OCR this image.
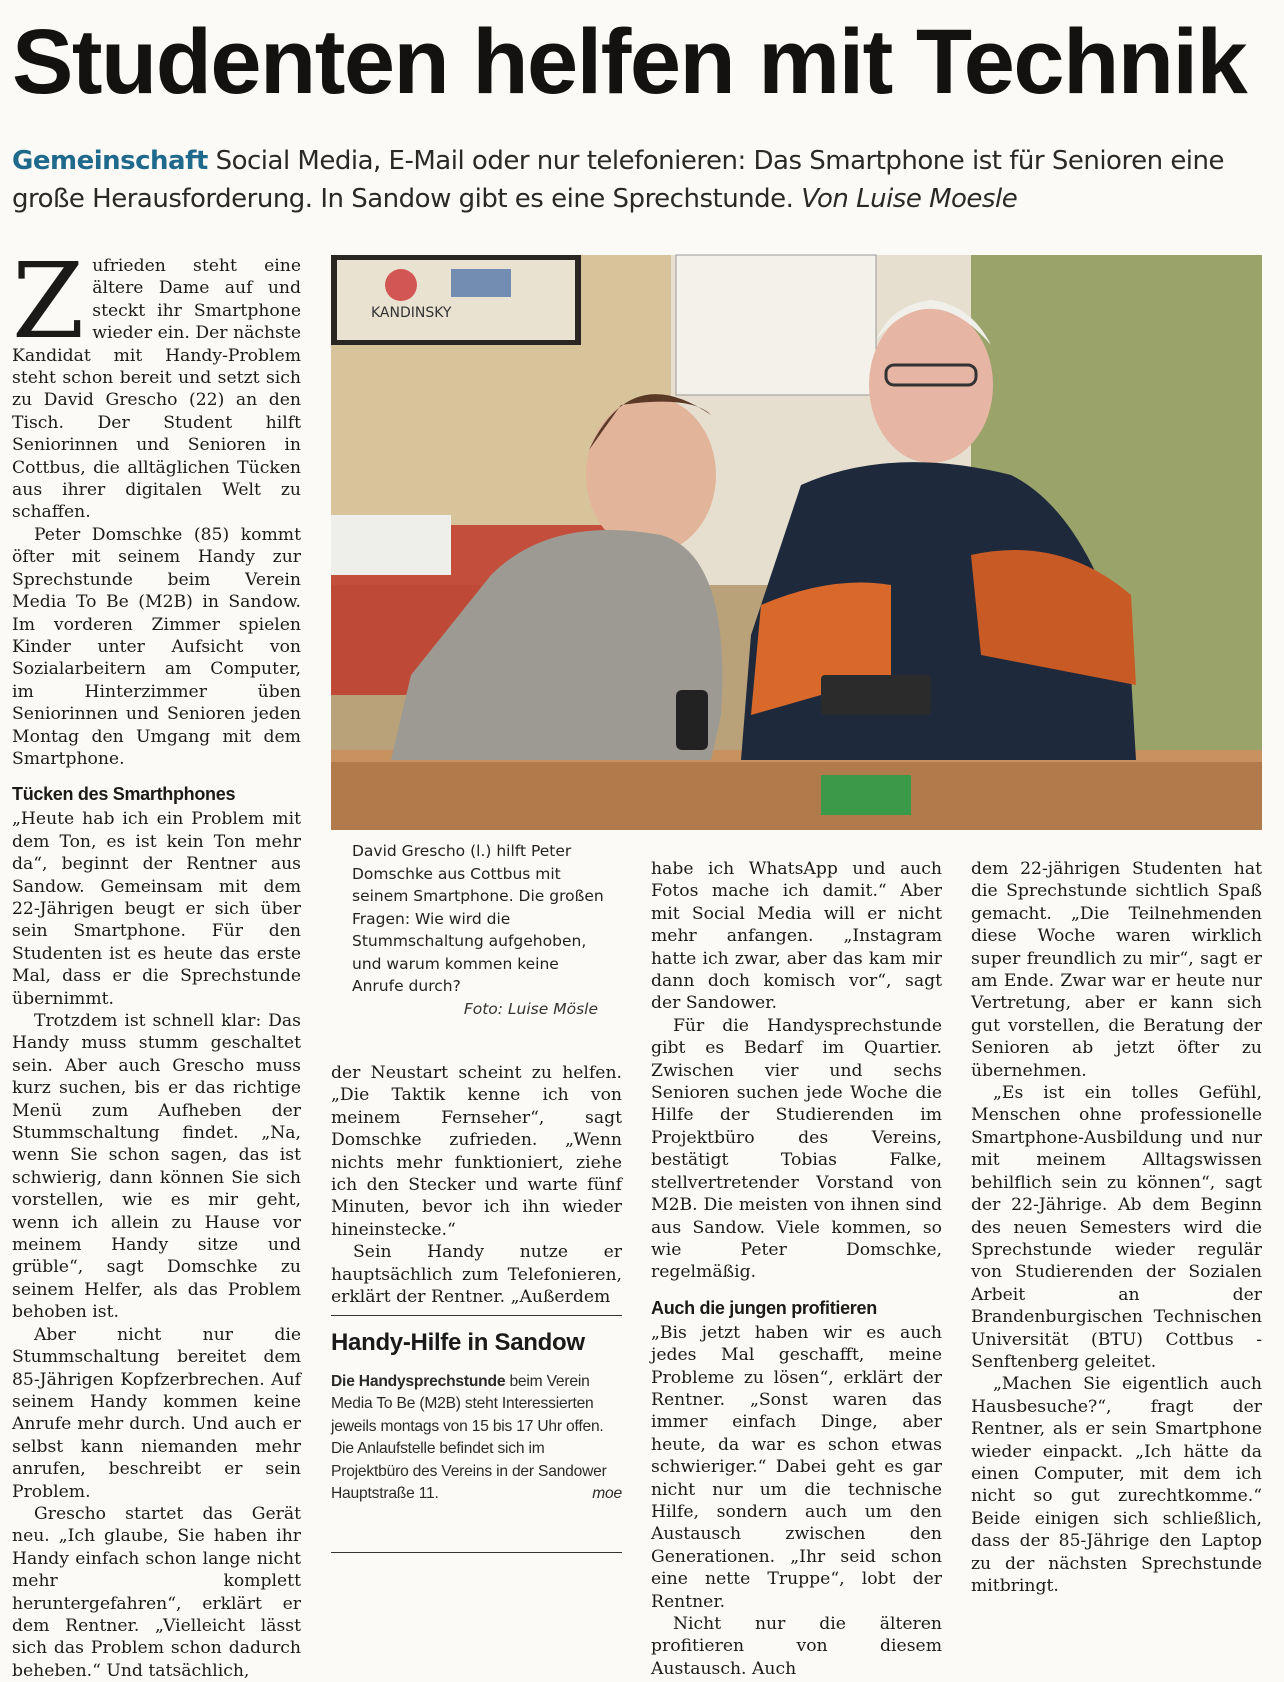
Studenten helfen mit Technik
Gemeinschaft Social Media, E-Mail oder nur telefonieren: Das Smartphone ist für Senioren eine große Herausforderung. In Sandow gibt es eine Sprechstunde. Von Luise Moesle
Z ufrieden steht eine ältere Dame auf und steckt ihr Smartphone wieder ein. Der nächste Kandidat mit Handy-Problem steht schon bereit und setzt sich zu David Grescho (22) an den Tisch. Der Student hilft Seniorinnen und Senioren in Cottbus, die alltäglichen Tücken aus ihrer digitalen Welt zu schaffen.

Peter Domschke (85) kommt öfter mit seinem Handy zur Sprechstunde beim Verein Media To Be (M2B) in Sandow. Im vorderen Zimmer spielen Kinder unter Aufsicht von Sozialarbeitern am Computer, im Hinterzimmer üben Seniorinnen und Senioren jeden Montag den Umgang mit dem Smartphone.

Tücken des Smarthphones

„Heute hab ich ein Problem mit dem Ton, es ist kein Ton mehr da“, beginnt der Rentner aus Sandow. Gemeinsam mit dem 22-Jährigen beugt er sich über sein Smartphone. Für den Studenten ist es heute das erste Mal, dass er die Sprechstunde übernimmt.

Trotzdem ist schnell klar: Das Handy muss stumm geschaltet sein. Aber auch Grescho muss kurz suchen, bis er das richtige Menü zum Aufheben der Stummschaltung findet. „Na, wenn Sie schon sagen, das ist schwierig, dann können Sie sich vorstellen, wie es mir geht, wenn ich allein zu Hause vor meinem Handy sitze und grüble“, sagt Domschke zu seinem Helfer, als das Problem behoben ist.

Aber nicht nur die Stummschaltung bereitet dem 85-Jährigen Kopfzerbrechen. Auf seinem Handy kommen keine Anrufe mehr durch. Und auch er selbst kann niemanden mehr anrufen, beschreibt er sein Problem.

Grescho startet das Gerät neu. „Ich glaube, Sie haben ihr Handy einfach schon lange nicht mehr komplett heruntergefahren“, erklärt er dem Rentner. „Vielleicht lässt sich das Problem schon dadurch beheben.“ Und tatsächlich,

KANDINSKY
David Grescho (l.) hilft Peter Domschke aus Cottbus mit seinem Smartphone. Die großen Fragen: Wie wird die Stummschaltung aufgehoben, und warum kommen keine Anrufe durch?
Foto: Luise Mösle

der Neustart scheint zu helfen. „Die Taktik kenne ich von meinem Fernseher“, sagt Domschke zufrieden. „Wenn nichts mehr funktioniert, ziehe ich den Stecker und warte fünf Minuten, bevor ich ihn wieder hineinstecke.“

Sein Handy nutze er hauptsächlich zum Telefonieren, erklärt der Rentner. „Außerdem

Handy-Hilfe in Sandow
Die Handysprechstunde beim Verein Media To Be (M2B) steht Interessierten jeweils montags von 15 bis 17 Uhr offen. Die Anlaufstelle befindet sich im Projektbüro des Vereins in der Sandower Hauptstraße 11.	moe

habe ich WhatsApp und auch Fotos mache ich damit.“ Aber mit Social Media will er nicht mehr anfangen. „Instagram hatte ich zwar, aber das kam mir dann doch komisch vor“, sagt der Sandower.

Für die Handysprechstunde gibt es Bedarf im Quartier. Zwischen vier und sechs Senioren suchen jede Woche die Hilfe der Studierenden im Projektbüro des Vereins, bestätigt Tobias Falke, stellvertretender Vorstand von M2B. Die meisten von ihnen sind aus Sandow. Viele kommen, so wie Peter Domschke, regelmäßig.

Auch die jungen profitieren

„Bis jetzt haben wir es auch jedes Mal geschafft, meine Probleme zu lösen“, erklärt der Rentner. „Sonst waren das immer einfach Dinge, aber heute, da war es schon etwas schwieriger.“ Dabei geht es gar nicht nur um die technische Hilfe, sondern auch um den Austausch zwischen den Generationen. „Ihr seid schon eine nette Truppe“, lobt der Rentner.

Nicht nur die älteren profitieren von diesem Austausch. Auch

dem 22-jährigen Studenten hat die Sprechstunde sichtlich Spaß gemacht. „Die Teilnehmenden diese Woche waren wirklich super freundlich zu mir“, sagt er am Ende. Zwar war er heute nur Vertretung, aber er kann sich gut vorstellen, die Beratung der Senioren ab jetzt öfter zu übernehmen.

„Es ist ein tolles Gefühl, Menschen ohne professionelle Smartphone-Ausbildung und nur mit meinem Alltagswissen behilflich sein zu können“, sagt der 22-Jährige. Ab dem Beginn des neuen Semesters wird die Sprechstunde wieder regulär von Studierenden der Sozialen Arbeit an der Brandenburgischen Technischen Universität (BTU) Cottbus - Senftenberg geleitet.

„Machen Sie eigentlich auch Hausbesuche?“, fragt der Rentner, als er sein Smartphone wieder einpackt. „Ich hätte da einen Computer, mit dem ich nicht so gut zurechtkomme.“ Beide einigen sich schließlich, dass der 85-Jährige den Laptop zu der nächsten Sprechstunde mitbringt.
